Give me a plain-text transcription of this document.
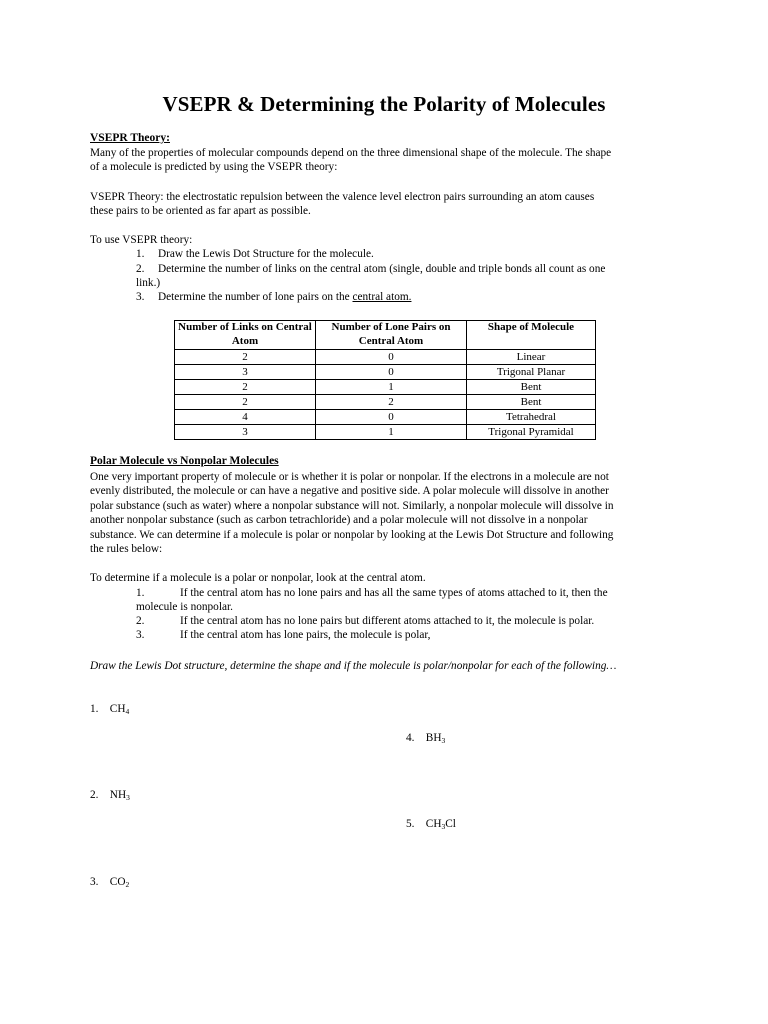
VSEPR & Determining the Polarity of Molecules
VSEPR Theory:
Many of the properties of molecular compounds depend on the three dimensional shape of the molecule. The shape
of a molecule is predicted by using the VSEPR theory:
VSEPR Theory: the electrostatic repulsion between the valence level electron pairs surrounding an atom causes
these pairs to be oriented as far apart as possible.
To use VSEPR theory:
1. Draw the Lewis Dot Structure for the molecule.
2. Determine the number of links on the central atom (single, double and triple bonds all count as one
link.)
3. Determine the number of lone pairs on the central atom.
Number of Links on Central Atom	Number of Lone Pairs on Central Atom	Shape of Molecule
2	0	Linear
3	0	Trigonal Planar
2	1	Bent
2	2	Bent
4	0	Tetrahedral
3	1	Trigonal Pyramidal
Polar Molecule vs Nonpolar Molecules
One very important property of molecule or is whether it is polar or nonpolar. If the electrons in a molecule are not
evenly distributed, the molecule or can have a negative and positive side. A polar molecule will dissolve in another
polar substance (such as water) where a nonpolar substance will not. Similarly, a nonpolar molecule will dissolve in
another nonpolar substance (such as carbon tetrachloride) and a polar molecule will not dissolve in a nonpolar
substance. We can determine if a molecule is polar or nonpolar by looking at the Lewis Dot Structure and following
the rules below:
To determine if a molecule is a polar or nonpolar, look at the central atom.
1.	If the central atom has no lone pairs and has all the same types of atoms attached to it, then the
molecule is nonpolar.
2.	If the central atom has no lone pairs but different atoms attached to it, the molecule is polar.
3.	If the central atom has lone pairs, the molecule is polar,
Draw the Lewis Dot structure, determine the shape and if the molecule is polar/nonpolar for each of the following…
1. $CH_4$
4. $BH_3$
2. $NH_3$
5. $CH_3Cl$
3. $CO_2$
